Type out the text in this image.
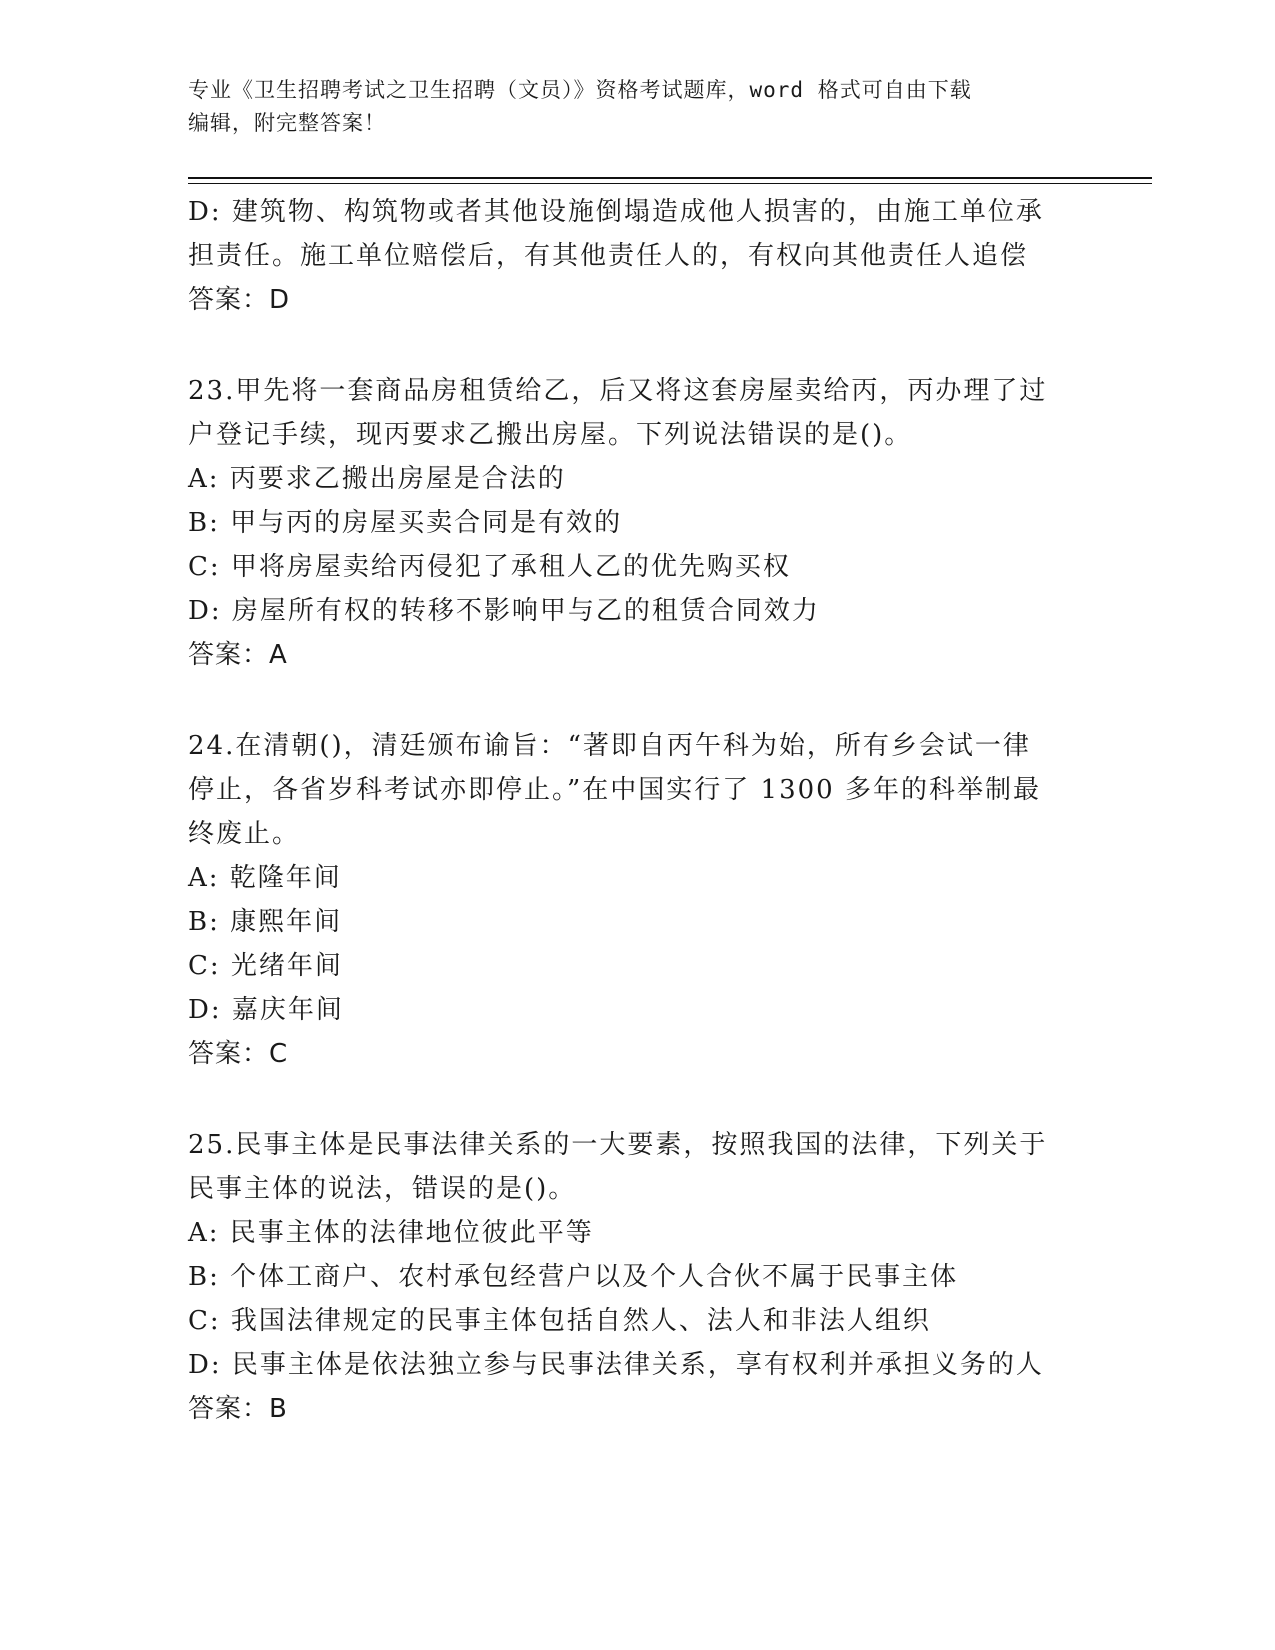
专业《卫生招聘考试之卫生招聘（文员）》资格考试题库，word 格式可自由下载
编辑，附完整答案！
D: 建筑物、构筑物或者其他设施倒塌造成他人损害的，由施工单位承
担责任。施工单位赔偿后，有其他责任人的，有权向其他责任人追偿
答案：D
23.甲先将一套商品房租赁给乙，后又将这套房屋卖给丙，丙办理了过
户登记手续，现丙要求乙搬出房屋。下列说法错误的是()。
A: 丙要求乙搬出房屋是合法的
B: 甲与丙的房屋买卖合同是有效的
C: 甲将房屋卖给丙侵犯了承租人乙的优先购买权
D: 房屋所有权的转移不影响甲与乙的租赁合同效力
答案：A
24.在清朝()，清廷颁布谕旨：“著即自丙午科为始，所有乡会试一律
停止，各省岁科考试亦即停止。”在中国实行了 1300 多年的科举制最
终废止。
A: 乾隆年间
B: 康熙年间
C: 光绪年间
D: 嘉庆年间
答案：C
25.民事主体是民事法律关系的一大要素，按照我国的法律，下列关于
民事主体的说法，错误的是()。
A: 民事主体的法律地位彼此平等
B: 个体工商户、农村承包经营户以及个人合伙不属于民事主体
C: 我国法律规定的民事主体包括自然人、法人和非法人组织
D: 民事主体是依法独立参与民事法律关系，享有权利并承担义务的人
答案：B
